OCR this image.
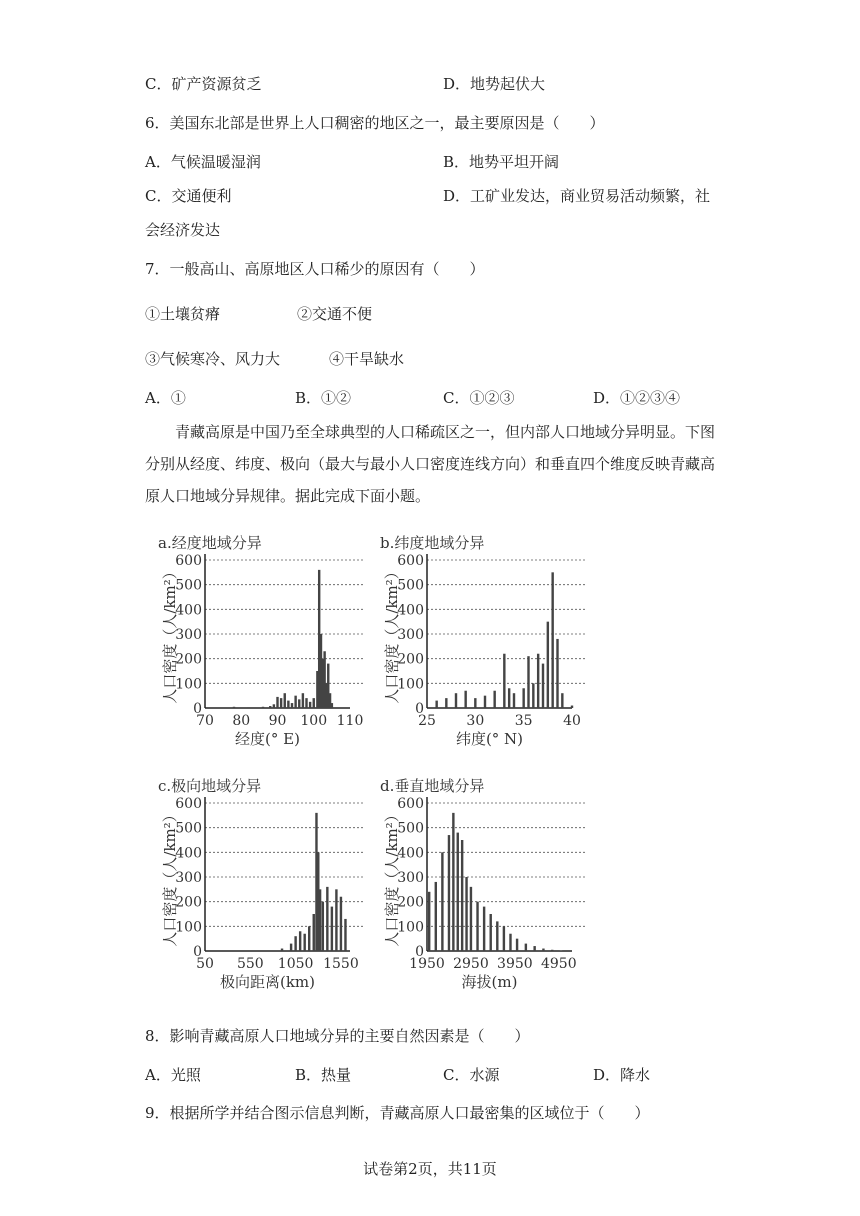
C．矿产资源贫乏	D．地势起伏大
6．美国东北部是世界上人口稠密的地区之一，最主要原因是（　　）
A．气候温暖湿润	B．地势平坦开阔
C．交通便利	D．工矿业发达，商业贸易活动频繁，社
会经济发达
7．一般高山、高原地区人口稀少的原因有（　　）
①土壤贫瘠	②交通不便
③气候寒冷、风力大	④干旱缺水
A．①	B．①②	C．①②③	D．①②③④
青藏高原是中国乃至全球典型的人口稀疏区之一，但内部人口地域分异明显。下图分别从经度、纬度、极向（最大与最小人口密度连线方向）和垂直四个维度反映青藏高原人口地域分异规律。据此完成下面小题。
a.经度地域分异
0
100
200
300
400
500
600
70 80 90 100 110
经度(° E)
人口密度（人/km²）
b.纬度地域分异
0
100
200
300
400
500
600
25 30 35 40
纬度(° N)
人口密度（人/km²）
c.极向地域分异
0
100
200
300
400
500
600
50 550 1050 1550
极向距离(km)
人口密度（人/km²）
d.垂直地域分异
0
100
200
300
400
500
600
1950 2950 3950 4950
海拔(m)
人口密度（人/km²）
8．影响青藏高原人口地域分异的主要自然因素是（　　）
A．光照	B．热量	C．水源	D．降水
9．根据所学并结合图示信息判断，青藏高原人口最密集的区域位于（　　）
试卷第2页，共11页
